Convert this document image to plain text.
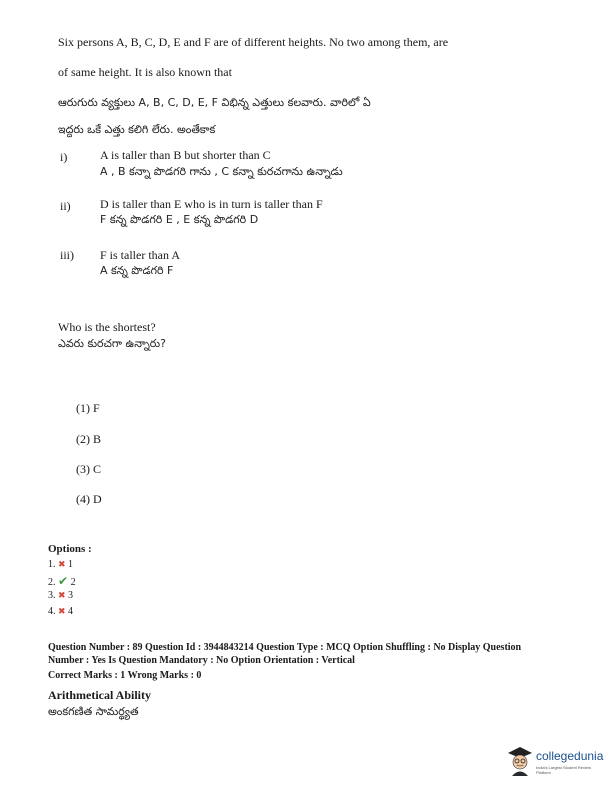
Six persons A, B, C, D, E and F are of different heights. No two among them, are
of same height. It is also known that
ఆరుగురు వ్యక్తులు A, B, C, D, E, F విభిన్న ఎత్తులు కలవారు. వారిలో ఏ
ఇద్దరు ఒకే ఎత్తు కలిగి లేరు. అంతేకాక
i)	A is taller than B but shorter than C
A , B కన్నా పొడగరి గాను , C కన్నా కురచగాను ఉన్నాడు
ii) D is taller than E who is in turn is taller than F
F కన్న పొడగరి E , E కన్న పొడగరి D
iii) F is taller than A
A కన్న పొడగరి F
Who is the shortest?
ఎవరు కురచగా ఉన్నారు?
(1) F
(2) B
(3) C
(4) D
Options :
1. ✖ 1
2. ✔ 2
3. ✖ 3
4. ✖ 4
Question Number : 89 Question Id : 3944843214 Question Type : MCQ Option Shuffling : No Display Question
Number : Yes Is Question Mandatory : No Option Orientation : Vertical
Correct Marks : 1 Wrong Marks : 0
Arithmetical Ability
అంకగణిత సామర్థ్యత
collegedunia
India's Largest Student Review Platform
